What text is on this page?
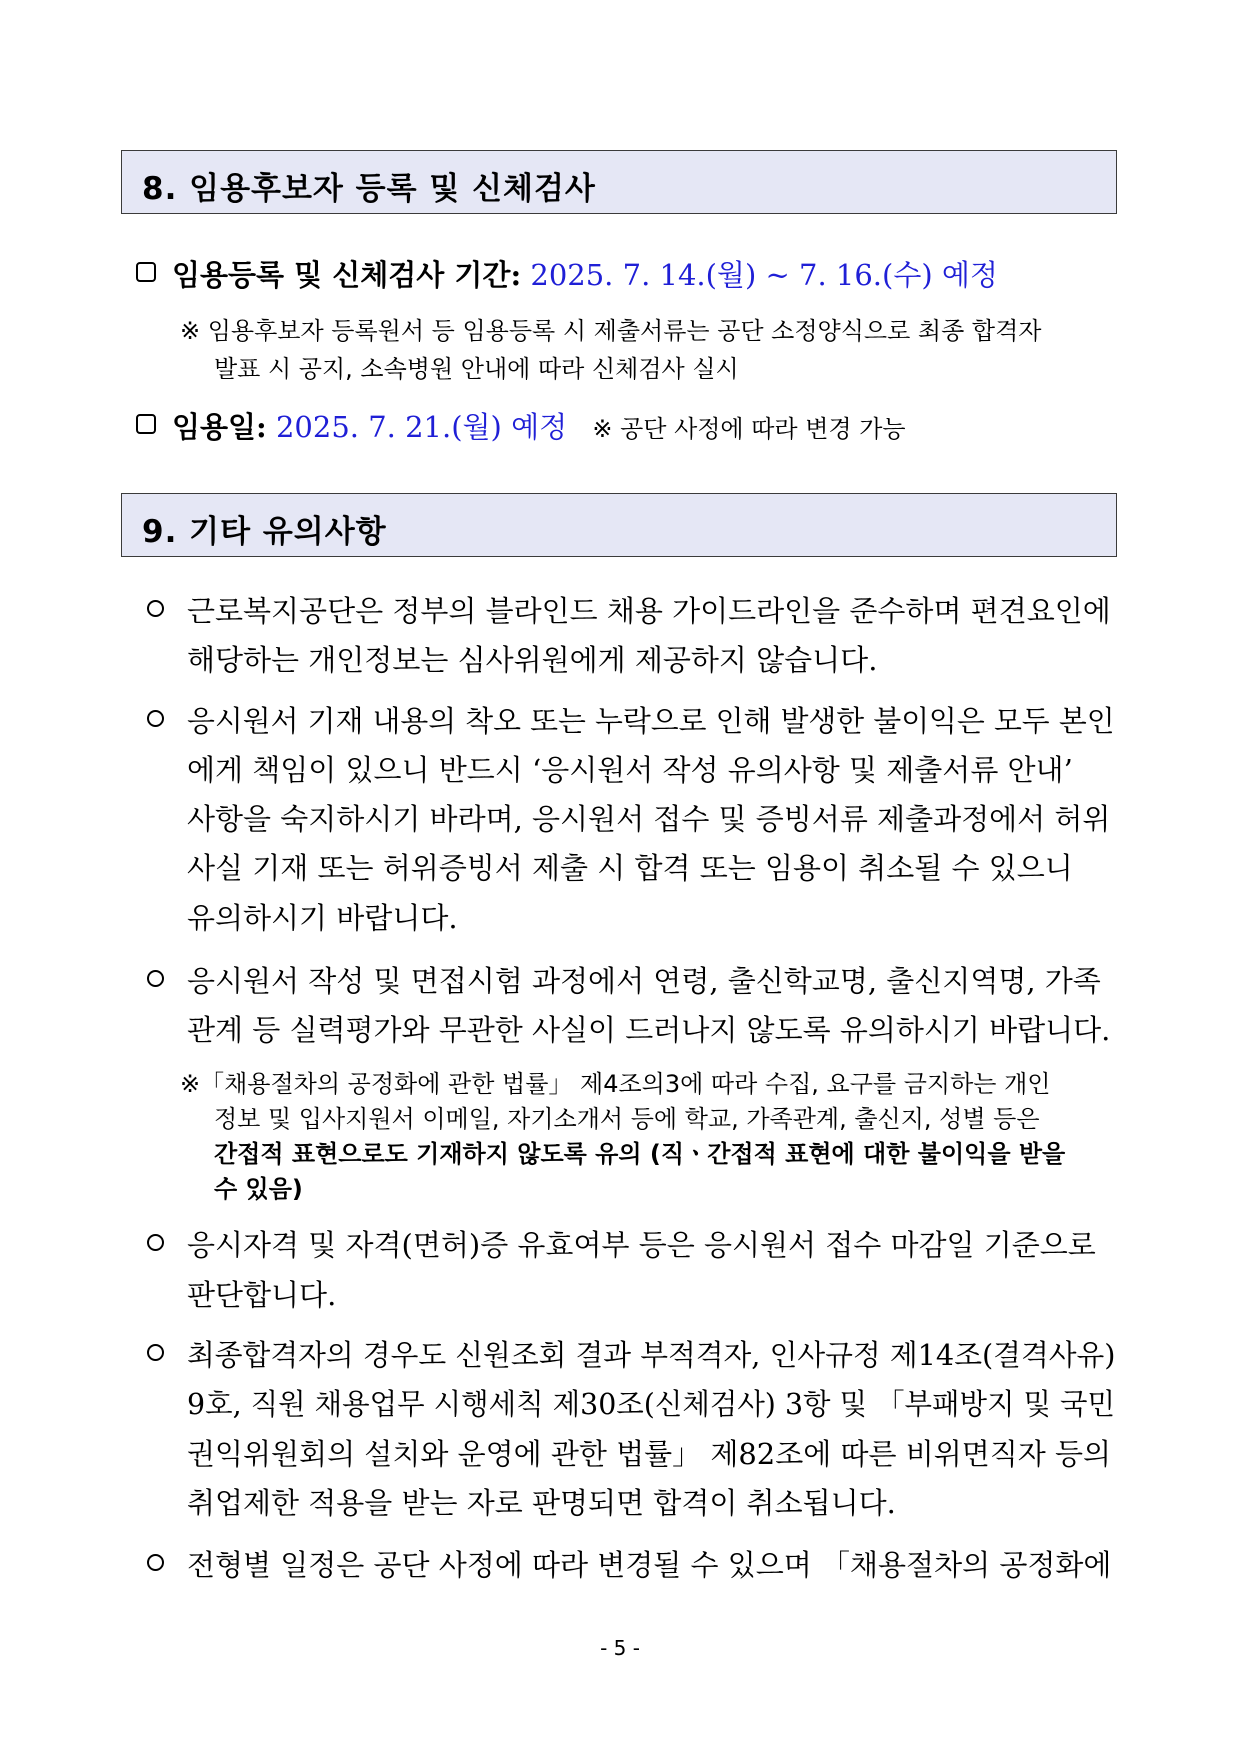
8. 임용후보자 등록 및 신체검사
임용등록 및 신체검사 기간: 2025. 7. 14.(월) ~ 7. 16.(수) 예정
※ 임용후보자 등록원서 등 임용등록 시 제출서류는 공단 소정양식으로 최종 합격자
발표 시 공지, 소속병원 안내에 따라 신체검사 실시
임용일: 2025. 7. 21.(월) 예정 ※ 공단 사정에 따라 변경 가능
9. 기타 유의사항
근로복지공단은 정부의 블라인드 채용 가이드라인을 준수하며 편견요인에
해당하는 개인정보는 심사위원에게 제공하지 않습니다.
응시원서 기재 내용의 착오 또는 누락으로 인해 발생한 불이익은 모두 본인
에게 책임이 있으니 반드시 ‘응시원서 작성 유의사항 및 제출서류 안내’
사항을 숙지하시기 바라며, 응시원서 접수 및 증빙서류 제출과정에서 허위
사실 기재 또는 허위증빙서 제출 시 합격 또는 임용이 취소될 수 있으니
유의하시기 바랍니다.
응시원서 작성 및 면접시험 과정에서 연령, 출신학교명, 출신지역명, 가족
관계 등 실력평가와 무관한 사실이 드러나지 않도록 유의하시기 바랍니다.
※「채용절차의 공정화에 관한 법률」 제4조의3에 따라 수집, 요구를 금지하는 개인
정보 및 입사지원서 이메일, 자기소개서 등에 학교, 가족관계, 출신지, 성별 등은
간접적 표현으로도 기재하지 않도록 유의 (직ㆍ간접적 표현에 대한 불이익을 받을
수 있음)
응시자격 및 자격(면허)증 유효여부 등은 응시원서 접수 마감일 기준으로
판단합니다.
최종합격자의 경우도 신원조회 결과 부적격자, 인사규정 제14조(결격사유)
9호, 직원 채용업무 시행세칙 제30조(신체검사) 3항 및 「부패방지 및 국민
권익위원회의 설치와 운영에 관한 법률」 제82조에 따른 비위면직자 등의
취업제한 적용을 받는 자로 판명되면 합격이 취소됩니다.
전형별 일정은 공단 사정에 따라 변경될 수 있으며 「채용절차의 공정화에
- 5 -
